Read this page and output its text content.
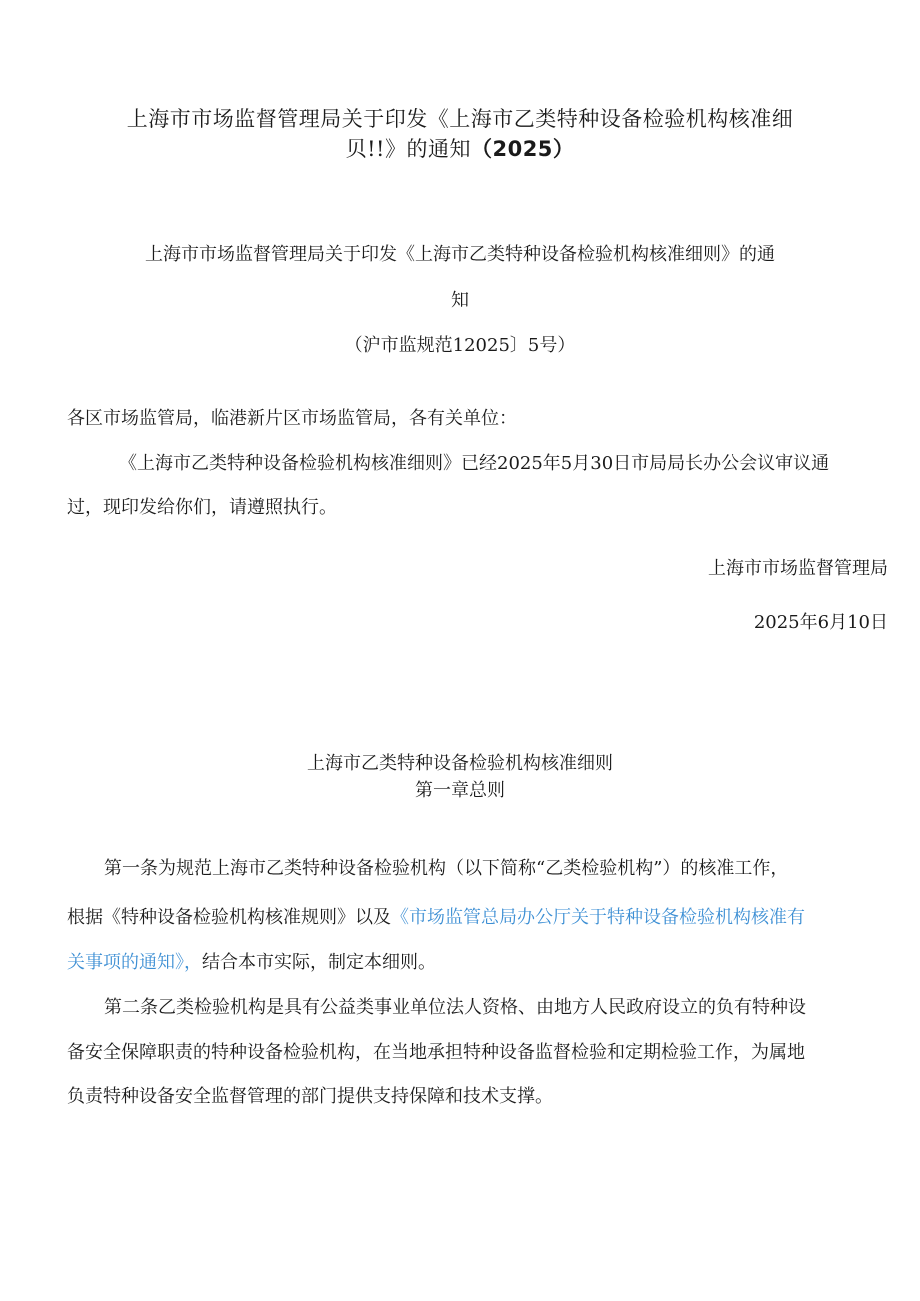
上海市市场监督管理局关于印发《上海市乙类特种设备检验机构核准细
贝!!》的通知（2025）
上海市市场监督管理局关于印发《上海市乙类特种设备检验机构核准细则》的通
知
（沪市监规范12025〕5号）
各区市场监管局，临港新片区市场监管局，各有关单位：
《上海市乙类特种设备检验机构核准细则》已经2025年5月30日市局局长办公会议审议通
过，现印发给你们，请遵照执行。
上海市市场监督管理局
2025年6月10日
上海市乙类特种设备检验机构核准细则
第一章总则
第一条为规范上海市乙类特种设备检验机构（以下简称“乙类检验机构”）的核准工作，
根据《特种设备检验机构核准规则》以及《市场监管总局办公厅关于特种设备检验机构核准有
关事项的通知》，结合本市实际，制定本细则。
第二条乙类检验机构是具有公益类事业单位法人资格、由地方人民政府设立的负有特种设
备安全保障职责的特种设备检验机构，在当地承担特种设备监督检验和定期检验工作，为属地
负责特种设备安全监督管理的部门提供支持保障和技术支撑。
